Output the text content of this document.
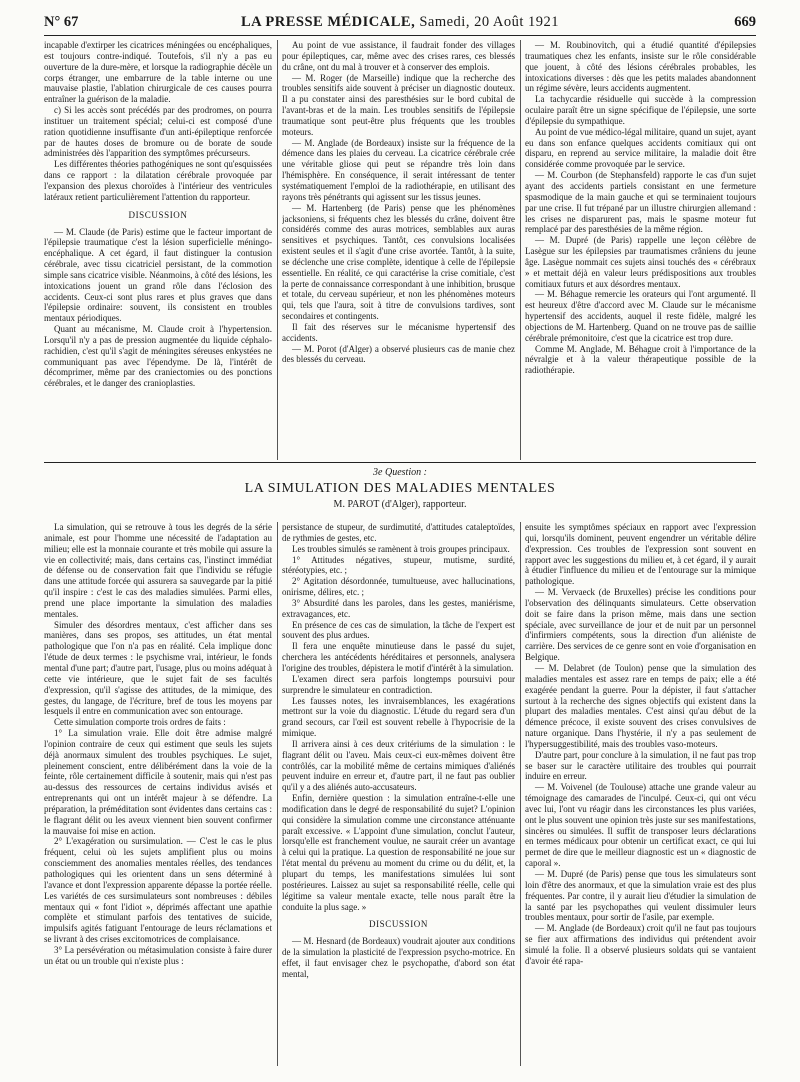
N° 67	LA PRESSE MÉDICALE, Samedi, 20 Août 1921	669

incapable d'extirper les cicatrices méningées ou encéphaliques, est toujours contre-indiqué. Toutefois, s'il n'y a pas eu ouverture de la dure-mère, et lorsque la radiographie décèle un corps étranger, une embarrure de la table interne ou une mauvaise plastie, l'ablation chirurgicale de ces causes pourra entraîner la guérison de la maladie.

c) Si les accès sont précédés par des prodromes, on pourra instituer un traitement spécial; celui-ci est composé d'une ration quotidienne insuffisante d'un anti-épileptique renforcée par de hautes doses de bromure ou de borate de soude administrées dès l'apparition des symptômes précurseurs.

Les différentes théories pathogéniques ne sont qu'esquissées dans ce rapport : la dilatation cérébrale provoquée par l'expansion des plexus choroïdes à l'intérieur des ventricules latéraux retient particulièrement l'attention du rapporteur.

DISCUSSION

— M. Claude (de Paris) estime que le facteur important de l'épilepsie traumatique c'est la lésion superficielle méningo-encéphalique. A cet égard, il faut distinguer la contusion cérébrale, avec tissu cicatriciel persistant, de la commotion simple sans cicatrice visible. Néanmoins, à côté des lésions, les intoxications jouent un grand rôle dans l'éclosion des accidents. Ceux-ci sont plus rares et plus graves que dans l'épilepsie ordinaire: souvent, ils consistent en troubles mentaux périodiques.

Quant au mécanisme, M. Claude croit à l'hypertension. Lorsqu'il n'y a pas de pression augmentée du liquide céphalo-rachidien, c'est qu'il s'agit de méningites séreuses enkystées ne communiquant pas avec l'épendyme. De là, l'intérêt de décomprimer, même par des craniectomies ou des ponctions cérébrales, et le danger des cranioplasties.

Au point de vue assistance, il faudrait fonder des villages pour épileptiques, car, même avec des crises rares, ces blessés du crâne, ont du mal à trouver et à conserver des emplois.

— M. Roger (de Marseille) indique que la recherche des troubles sensitifs aide souvent à préciser un diagnostic douteux. Il a pu constater ainsi des paresthésies sur le bord cubital de l'avant-bras et de la main. Les troubles sensitifs de l'épilepsie traumatique sont peut-être plus fréquents que les troubles moteurs.

— M. Anglade (de Bordeaux) insiste sur la fréquence de la démence dans les plaies du cerveau. La cicatrice cérébrale crée une véritable gliose qui peut se répandre très loin dans l'hémisphère. En conséquence, il serait intéressant de tenter systématiquement l'emploi de la radiothérapie, en utilisant des rayons très pénétrants qui agissent sur les tissus jeunes.

— M. Hartenberg (de Paris) pense que les phénomènes jacksoniens, si fréquents chez les blessés du crâne, doivent être considérés comme des auras motrices, semblables aux auras sensitives et psychiques. Tantôt, ces convulsions localisées existent seules et il s'agit d'une crise avortée. Tantôt, à la suite, se déclenche une crise complète, identique à celle de l'épilepsie essentielle. En réalité, ce qui caractérise la crise comitiale, c'est la perte de connaissance correspondant à une inhibition, brusque et totale, du cerveau supérieur, et non les phénomènes moteurs qui, tels que l'aura, soit à titre de convulsions tardives, sont secondaires et contingents.

Il fait des réserves sur le mécanisme hypertensif des accidents.

— M. Porot (d'Alger) a observé plusieurs cas de manie chez des blessés du cerveau.

— M. Roubinovitch, qui a étudié quantité d'épilepsies traumatiques chez les enfants, insiste sur le rôle considérable que jouent, à côté des lésions cérébrales probables, les intoxications diverses : dès que les petits malades abandonnent un régime sévère, leurs accidents augmentent.

La tachycardie résiduelle qui succède à la compression oculaire paraît être un signe spécifique de l'épilepsie, une sorte d'épilepsie du sympathique.

Au point de vue médico-légal militaire, quand un sujet, ayant eu dans son enfance quelques accidents comitiaux qui ont disparu, en reprend au service militaire, la maladie doit être considérée comme provoquée par le service.

— M. Courbon (de Stephansfeld) rapporte le cas d'un sujet ayant des accidents partiels consistant en une fermeture spasmodique de la main gauche et qui se terminaient toujours par une crise. Il fut trépané par un illustre chirurgien allemand : les crises ne disparurent pas, mais le spasme moteur fut remplacé par des paresthésies de la même région.

— M. Dupré (de Paris) rappelle une leçon célèbre de Lasègue sur les épilepsies par traumatismes crâniens du jeune âge. Lasègue nommait ces sujets ainsi touchés des « cérébraux » et mettait déjà en valeur leurs prédispositions aux troubles comitiaux futurs et aux désordres mentaux.

— M. Béhague remercie les orateurs qui l'ont argumenté. Il est heureux d'être d'accord avec M. Claude sur le mécanisme hypertensif des accidents, auquel il reste fidèle, malgré les objections de M. Hartenberg. Quand on ne trouve pas de saillie cérébrale prémonitoire, c'est que la cicatrice est trop dure.

Comme M. Anglade, M. Béhague croit à l'importance de la névralgie et à la valeur thérapeutique possible de la radiothérapie.

3e Question :
LA SIMULATION DES MALADIES MENTALES
M. PAROT (d'Alger), rapporteur.

La simulation, qui se retrouve à tous les degrés de la série animale, est pour l'homme une nécessité de l'adaptation au milieu; elle est la monnaie courante et très mobile qui assure la vie en collectivité; mais, dans certains cas, l'instinct immédiat de défense ou de conservation fait que l'individu se réfugie dans une attitude forcée qui assurera sa sauvegarde par la pitié qu'il inspire : c'est le cas des maladies simulées. Parmi elles, prend une place importante la simulation des maladies mentales.

Simuler des désordres mentaux, c'est afficher dans ses manières, dans ses propos, ses attitudes, un état mental pathologique que l'on n'a pas en réalité. Cela implique donc l'étude de deux termes : le psychisme vrai, intérieur, le fonds mental d'une part; d'autre part, l'usage, plus ou moins adéquat à cette vie intérieure, que le sujet fait de ses facultés d'expression, qu'il s'agisse des attitudes, de la mimique, des gestes, du langage, de l'écriture, bref de tous les moyens par lesquels il entre en communication avec son entourage.

Cette simulation comporte trois ordres de faits :

1° La simulation vraie. Elle doit être admise malgré l'opinion contraire de ceux qui estiment que seuls les sujets déjà anormaux simulent des troubles psychiques. Le sujet, pleinement conscient, entre délibérément dans la voie de la feinte, rôle certainement difficile à soutenir, mais qui n'est pas au-dessus des ressources de certains individus avisés et entreprenants qui ont un intérêt majeur à se défendre. La préparation, la préméditation sont évidentes dans certains cas : le flagrant délit ou les aveux viennent bien souvent confirmer la mauvaise foi mise en action.

2° L'exagération ou sursimulation. — C'est le cas le plus fréquent, celui où les sujets amplifient plus ou moins consciemment des anomalies mentales réelles, des tendances pathologiques qui les orientent dans un sens déterminé à l'avance et dont l'expression apparente dépasse la portée réelle. Les variétés de ces sursimulateurs sont nombreuses : débiles mentaux qui « font l'idiot », déprimés affectant une apathie complète et stimulant parfois des tentatives de suicide, impulsifs agités fatiguant l'entourage de leurs réclamations et se livrant à des crises excitomotrices de complaisance.

3° La persévération ou métasimulation consiste à faire durer un état ou un trouble qui n'existe plus :

persistance de stupeur, de surdimutité, d'attitudes cataleptoïdes, de rythmies de gestes, etc.

Les troubles simulés se ramènent à trois groupes principaux.

1° Attitudes négatives, stupeur, mutisme, surdité, stéréotypies, etc. ;

2° Agitation désordonnée, tumultueuse, avec hallucinations, onirisme, délires, etc. ;

3° Absurdité dans les paroles, dans les gestes, maniérisme, extravagances, etc.

En présence de ces cas de simulation, la tâche de l'expert est souvent des plus ardues.

Il fera une enquête minutieuse dans le passé du sujet, cherchera les antécédents héréditaires et personnels, analysera l'origine des troubles, dépistera le motif d'intérêt à la simulation.

L'examen direct sera parfois longtemps poursuivi pour surprendre le simulateur en contradiction.

Les fausses notes, les invraisemblances, les exagérations mettront sur la voie du diagnostic. L'étude du regard sera d'un grand secours, car l'œil est souvent rebelle à l'hypocrisie de la mimique.

Il arrivera ainsi à ces deux critériums de la simulation : le flagrant délit ou l'aveu. Mais ceux-ci eux-mêmes doivent être contrôlés, car la mobilité même de certains mimiques d'aliénés peuvent induire en erreur et, d'autre part, il ne faut pas oublier qu'il y a des aliénés auto-accusateurs.

Enfin, dernière question : la simulation entraîne-t-elle une modification dans le degré de responsabilité du sujet? L'opinion qui considère la simulation comme une circonstance atténuante paraît excessive. « L'appoint d'une simulation, conclut l'auteur, lorsqu'elle est franchement voulue, ne saurait créer un avantage à celui qui la pratique. La question de responsabilité ne joue sur l'état mental du prévenu au moment du crime ou du délit, et, la plupart du temps, les manifestations simulées lui sont postérieures. Laissez au sujet sa responsabilité réelle, celle qui légitime sa valeur mentale exacte, telle nous paraît être la conduite la plus sage. »

DISCUSSION

— M. Hesnard (de Bordeaux) voudrait ajouter aux conditions de la simulation la plasticité de l'expression psycho-motrice. En effet, il faut envisager chez le psychopathe, d'abord son état mental,

ensuite les symptômes spéciaux en rapport avec l'expression qui, lorsqu'ils dominent, peuvent engendrer un véritable délire d'expression. Ces troubles de l'expression sont souvent en rapport avec les suggestions du milieu et, à cet égard, il y aurait à étudier l'influence du milieu et de l'entourage sur la mimique pathologique.

— M. Vervaeck (de Bruxelles) précise les conditions pour l'observation des délinquants simulateurs. Cette observation doit se faire dans la prison même, mais dans une section spéciale, avec surveillance de jour et de nuit par un personnel d'infirmiers compétents, sous la direction d'un aliéniste de carrière. Des services de ce genre sont en voie d'organisation en Belgique.

— M. Delabret (de Toulon) pense que la simulation des maladies mentales est assez rare en temps de paix; elle a été exagérée pendant la guerre. Pour la dépister, il faut s'attacher surtout à la recherche des signes objectifs qui existent dans la plupart des maladies mentales. C'est ainsi qu'au début de la démence précoce, il existe souvent des crises convulsives de nature organique. Dans l'hystérie, il n'y a pas seulement de l'hypersuggestibilité, mais des troubles vaso-moteurs.

D'autre part, pour conclure à la simulation, il ne faut pas trop se baser sur le caractère utilitaire des troubles qui pourrait induire en erreur.

— M. Voivenel (de Toulouse) attache une grande valeur au témoignage des camarades de l'inculpé. Ceux-ci, qui ont vécu avec lui, l'ont vu réagir dans les circonstances les plus variées, ont le plus souvent une opinion très juste sur ses manifestations, sincères ou simulées. Il suffit de transposer leurs déclarations en termes médicaux pour obtenir un certificat exact, ce qui lui permet de dire que le meilleur diagnostic est un « diagnostic de caporal ».

— M. Dupré (de Paris) pense que tous les simulateurs sont loin d'être des anormaux, et que la simulation vraie est des plus fréquentes. Par contre, il y aurait lieu d'étudier la simulation de la santé par les psychopathes qui veulent dissimuler leurs troubles mentaux, pour sortir de l'asile, par exemple.

— M. Anglade (de Bordeaux) croit qu'il ne faut pas toujours se fier aux affirmations des individus qui prétendent avoir simulé la folie. Il a observé plusieurs soldats qui se vantaient d'avoir été rapa-
